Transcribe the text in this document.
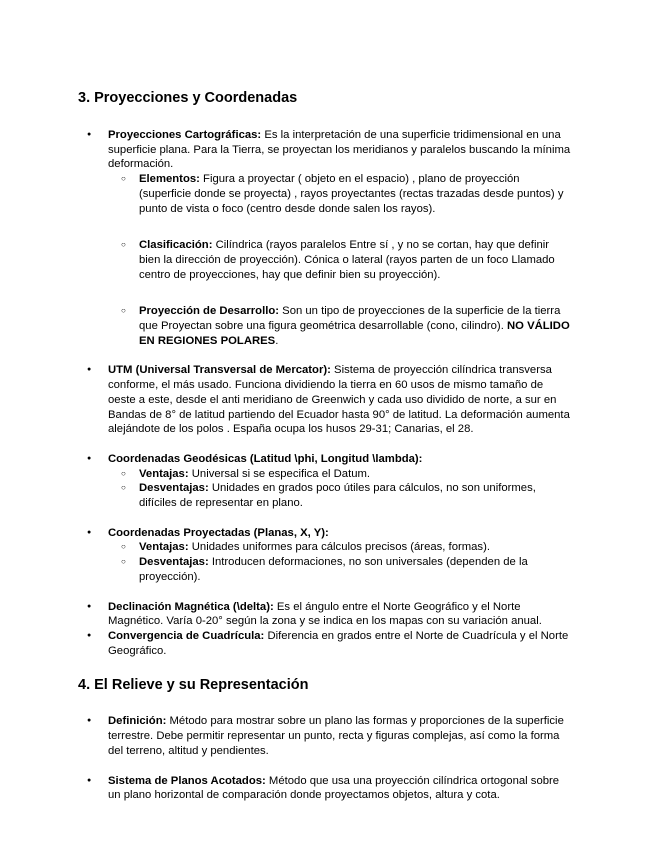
3. Proyecciones y Coordenadas
● Proyecciones Cartográficas: Es la interpretación de una superficie tridimensional en una superficie plana. Para la Tierra, se proyectan los meridianos y paralelos buscando la mínima deformación.
○ Elementos: Figura a proyectar ( objeto en el espacio) , plano de proyección (superficie donde se proyecta) , rayos proyectantes (rectas trazadas desde puntos) y punto de vista o foco (centro desde donde salen los rayos).
○ Clasificación: Cilíndrica (rayos paralelos Entre sí , y no se cortan, hay que definir bien la dirección de proyección). Cónica o lateral (rayos parten de un foco Llamado centro de proyecciones, hay que definir bien su proyección).
○ Proyección de Desarrollo: Son un tipo de proyecciones de la superficie de la tierra que Proyectan sobre una figura geométrica desarrollable (cono, cilindro). NO VÁLIDO EN REGIONES POLARES.
● UTM (Universal Transversal de Mercator): Sistema de proyección cilíndrica transversa conforme, el más usado. Funciona dividiendo la tierra en 60 usos de mismo tamaño de oeste a este, desde el anti meridiano de Greenwich y cada uso dividido de norte, a sur en Bandas de 8° de latitud partiendo del Ecuador hasta 90° de latitud. La deformación aumenta alejándote de los polos . España ocupa los husos 29-31; Canarias, el 28.
● Coordenadas Geodésicas (Latitud \phi, Longitud \lambda):
○ Ventajas: Universal si se especifica el Datum.
○ Desventajas: Unidades en grados poco útiles para cálculos, no son uniformes, difíciles de representar en plano.
● Coordenadas Proyectadas (Planas, X, Y):
○ Ventajas: Unidades uniformes para cálculos precisos (áreas, formas).
○ Desventajas: Introducen deformaciones, no son universales (dependen de la proyección).
● Declinación Magnética (\delta): Es el ángulo entre el Norte Geográfico y el Norte Magnético. Varía 0-20° según la zona y se indica en los mapas con su variación anual.
● Convergencia de Cuadrícula: Diferencia en grados entre el Norte de Cuadrícula y el Norte Geográfico.
4. El Relieve y su Representación
● Definición: Método para mostrar sobre un plano las formas y proporciones de la superficie terrestre. Debe permitir representar un punto, recta y figuras complejas, así como la forma del terreno, altitud y pendientes.
● Sistema de Planos Acotados: Método que usa una proyección cilíndrica ortogonal sobre un plano horizontal de comparación donde proyectamos objetos, altura y cota.
